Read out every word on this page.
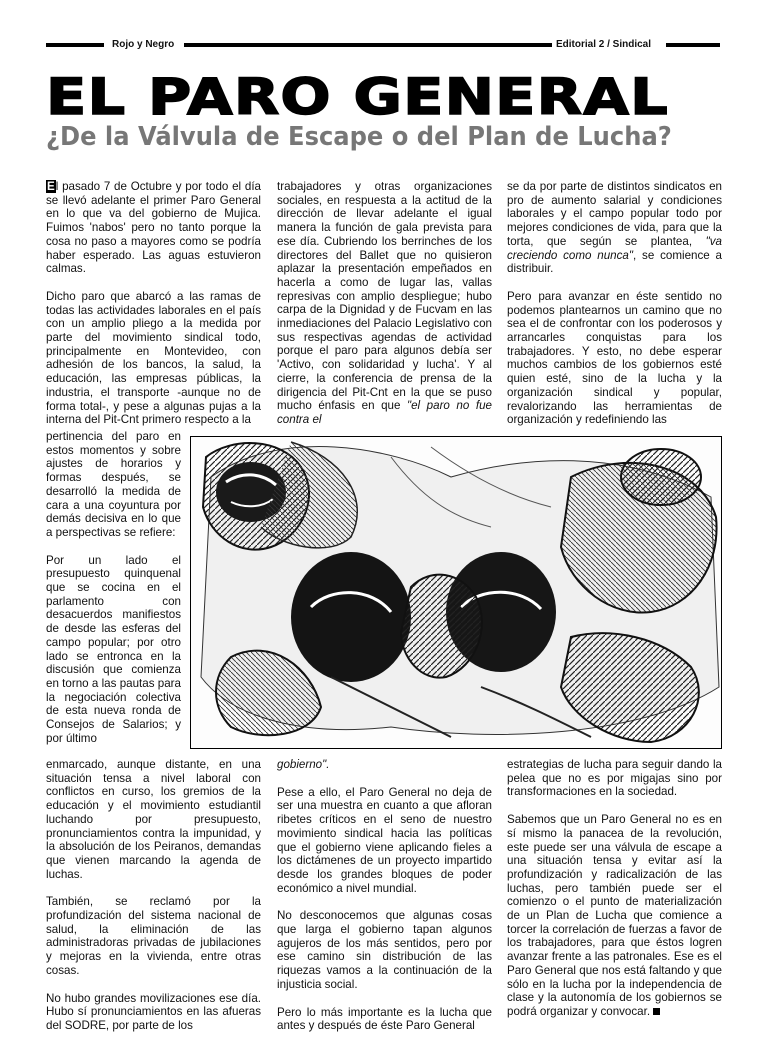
Rojo y Negro	Editorial 2 / Sindical
EL PARO GENERAL
¿De la Válvula de Escape o del Plan de Lucha?

El pasado 7 de Octubre y por todo el día se llevó adelante el primer Paro General en lo que va del gobierno de Mujica. Fuimos 'nabos' pero no tanto porque la cosa no paso a mayores como se podría haber esperado. Las aguas estuvieron calmas.

Dicho paro que abarcó a las ramas de todas las actividades laborales en el país con un amplio pliego a la medida por parte del movimiento sindical todo, principalmente en Montevideo, con adhesión de los bancos, la salud, la educación, las empresas públicas, la industria, el transporte -aunque no de forma total-, y pese a algunas pujas a la interna del Pit-Cnt primero respecto a la

pertinencia del paro en estos momentos y sobre ajustes de horarios y formas después, se desarrolló la medida de cara a una coyuntura por demás decisiva en lo que a perspectivas se refiere:

Por un lado el presupuesto quinquenal que se cocina en el parlamento con desacuerdos manifiestos de desde las esferas del campo popular; por otro lado se entronca en la discusión que comienza en torno a las pautas para la negociación colectiva de esta nueva ronda de Consejos de Salarios; y por último

enmarcado, aunque distante, en una situación tensa a nivel laboral con conflictos en curso, los gremios de la educación y el movimiento estudiantil luchando por presupuesto, pronunciamientos contra la impunidad, y la absolución de los Peiranos, demandas que vienen marcando la agenda de luchas.

También, se reclamó por la profundización del sistema nacional de salud, la eliminación de las administradoras privadas de jubilaciones y mejoras en la vivienda, entre otras cosas.

No hubo grandes movilizaciones ese día. Hubo sí pronunciamientos en las afueras del SODRE, por parte de los

trabajadores y otras organizaciones sociales, en respuesta a la actitud de la dirección de llevar adelante el igual manera la función de gala prevista para ese día. Cubriendo los berrinches de los directores del Ballet que no quisieron aplazar la presentación empeñados en hacerla a como de lugar las, vallas represivas con amplio despliegue; hubo carpa de la Dignidad y de Fucvam en las inmediaciones del Palacio Legislativo con sus respectivas agendas de actividad porque el paro para algunos debía ser 'Activo, con solidaridad y lucha'. Y al cierre, la conferencia de prensa de la dirigencia del Pit-Cnt en la que se puso mucho énfasis en que "el paro no fue contra el

gobierno".

Pese a ello, el Paro General no deja de ser una muestra en cuanto a que afloran ribetes críticos en el seno de nuestro movimiento sindical hacia las políticas que el gobierno viene aplicando fieles a los dictámenes de un proyecto impartido desde los grandes bloques de poder económico a nivel mundial.

No desconocemos que algunas cosas que larga el gobierno tapan algunos agujeros de los más sentidos, pero por ese camino sin distribución de las riquezas vamos a la continuación de la injusticia social.

Pero lo más importante es la lucha que antes y después de éste Paro General

se da por parte de distintos sindicatos en pro de aumento salarial y condiciones laborales y el campo popular todo por mejores condiciones de vida, para que la torta, que según se plantea, "va creciendo como nunca", se comience a distribuir.

Pero para avanzar en éste sentido no podemos plantearnos un camino que no sea el de confrontar con los poderosos y arrancarles conquistas para los trabajadores. Y esto, no debe esperar muchos cambios de los gobiernos esté quien esté, sino de la lucha y la organización sindical y popular, revalorizando las herramientas de organización y redefiniendo las

estrategias de lucha para seguir dando la pelea que no es por migajas sino por transformaciones en la sociedad.

Sabemos que un Paro General no es en sí mismo la panacea de la revolución, este puede ser una válvula de escape a una situación tensa y evitar así la profundización y radicalización de las luchas, pero también puede ser el comienzo o el punto de materialización de un Plan de Lucha que comience a torcer la correlación de fuerzas a favor de los trabajadores, para que éstos logren avanzar frente a las patronales. Ese es el Paro General que nos está faltando y que sólo en la lucha por la independencia de clase y la autonomía de los gobiernos se podrá organizar y convocar.
